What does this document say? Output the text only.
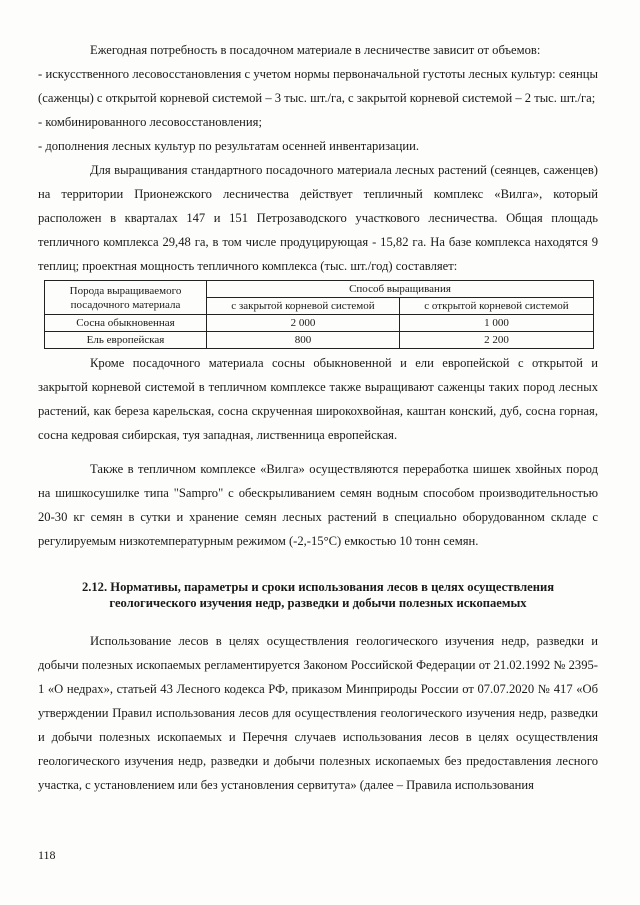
Ежегодная потребность в посадочном материале в лесничестве зависит от объемов:

- искусственного лесовосстановления с учетом нормы первоначальной густоты лесных культур: сеянцы (саженцы) с открытой корневой системой – 3 тыс. шт./га, с закрытой корневой системой – 2 тыс. шт./га;

- комбинированного лесовосстановления;

- дополнения лесных культур по результатам осенней инвентаризации.

Для выращивания стандартного посадочного материала лесных растений (сеянцев, саженцев) на территории Прионежского лесничества действует тепличный комплекс «Вилга», который расположен в кварталах 147 и 151 Петрозаводского участкового лесничества. Общая площадь тепличного комплекса 29,48 га, в том числе продуцирующая - 15,82 га. На базе комплекса находятся 9 теплиц; проектная мощность тепличного комплекса (тыс. шт./год) составляет:

Порода выращиваемого посадочного материала	Способ выращивания	
	с закрытой корневой системой	с открытой корневой системой
Сосна обыкновенная	2 000	1 000
Ель европейская	800	2 200

Кроме посадочного материала сосны обыкновенной и ели европейской с открытой и закрытой корневой системой в тепличном комплексе также выращивают саженцы таких пород лесных растений, как береза карельская, сосна скрученная широкохвойная, каштан конский, дуб, сосна горная, сосна кедровая сибирская, туя западная, лиственница европейская.

Также в тепличном комплексе «Вилга» осуществляются переработка шишек хвойных пород на шишкосушилке типа "Sampro" с обескрыливанием семян водным способом производительностью 20-30 кг семян в сутки и хранение семян лесных растений в специально оборудованном складе с регулируемым низкотемпературным режимом (-2,-15°С) емкостью 10 тонн семян.

2.12. Нормативы, параметры и сроки использования лесов в целях осуществления
геологического изучения недр, разведки и добычи полезных ископаемых

Использование лесов в целях осуществления геологического изучения недр, разведки и добычи полезных ископаемых регламентируется Законом Российской Федерации от 21.02.1992 № 2395-1 «О недрах», статьей 43 Лесного кодекса РФ, приказом Минприроды России от 07.07.2020 № 417 «Об утверждении Правил использования лесов для осуществления геологического изучения недр, разведки и добычи полезных ископаемых и Перечня случаев использования лесов в целях осуществления геологического изучения недр, разведки и добычи полезных ископаемых без предоставления лесного участка, с установлением или без установления сервитута» (далее – Правила использования

118
